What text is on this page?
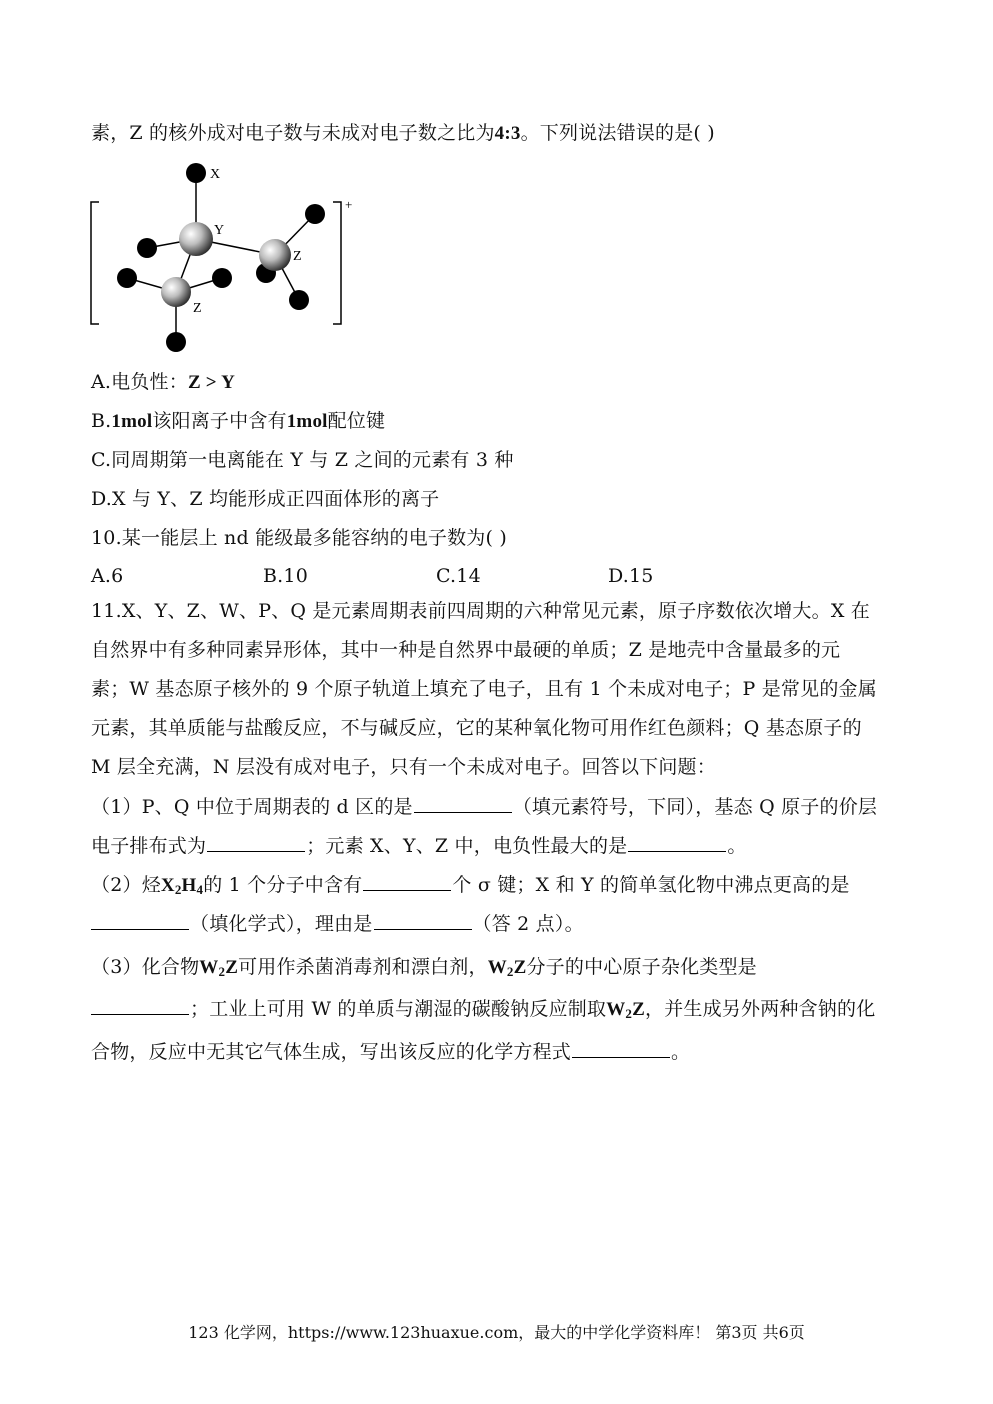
素，Z 的核外成对电子数与未成对电子数之比为4:3。下列说法错误的是( )
+
X
Y
Z
Z
A.电负性：Z > Y
B.1mol该阳离子中含有1mol配位键
C.同周期第一电离能在 Y 与 Z 之间的元素有 3 种
D.X 与 Y、Z 均能形成正四面体形的离子
10.某一能层上 nd 能级最多能容纳的电子数为( )
A.6	B.10	C.14	D.15
11.X、Y、Z、W、P、Q 是元素周期表前四周期的六种常见元素，原子序数依次增大。X 在
自然界中有多种同素异形体，其中一种是自然界中最硬的单质；Z 是地壳中含量最多的元
素；W 基态原子核外的 9 个原子轨道上填充了电子，且有 1 个未成对电子；P 是常见的金属
元素，其单质能与盐酸反应，不与碱反应，它的某种氧化物可用作红色颜料；Q 基态原子的
M 层全充满，N 层没有成对电子，只有一个未成对电子。回答以下问题：
（1）P、Q 中位于周期表的 d 区的是	（填元素符号，下同），基态 Q 原子的价层
电子排布式为	；元素 X、Y、Z 中，电负性最大的是	。
（2）烃$X_2H_4$的 1 个分子中含有	个 σ 键；X 和 Y 的简单氢化物中沸点更高的是
（填化学式），理由是	（答 2 点）。
（3）化合物$W_2Z$可用作杀菌消毒剂和漂白剂，$W_2Z$分子的中心原子杂化类型是
；工业上可用 W 的单质与潮湿的碳酸钠反应制取$W_2Z$，并生成另外两种含钠的化
合物，反应中无其它气体生成，写出该反应的化学方程式	。
123 化学网，https://www.123huaxue.com，最大的中学化学资料库！ 第3页 共6页
